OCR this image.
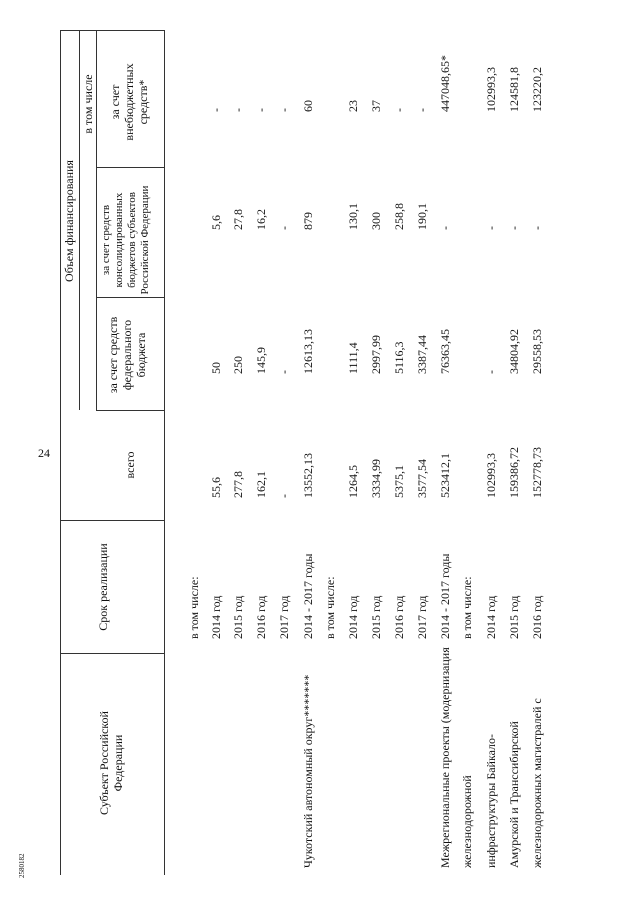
24
2580182
Субъект Российской Федерации
Срок реализации
Объем финансирования
в том числе
всего
за счет средств федерального бюджета
за счет средств консолидированных бюджетов субъектов Российской Федерации
за счет внебюджетных средств*
в том числе: 2014 год
55,6
50
5,6
-
2015 год
277,8
250
27,8
-
2016 год
162,1
145,9
16,2
-
2017 год
-
-
-
-
Чукотский автономный округ*******
2014 - 2017 годы
13552,13
12613,13
879
60
в том числе: 2014 год
1264,5
1111,4
130,1
23
2015 год
3334,99
2997,99
300
37
2016 год
5375,1
5116,3
258,8
-
2017 год
3577,54
3387,44
190,1
-
Межрегиональные проекты (модернизация
2014 - 2017 годы
523412,1
76363,45
-
447048,65*
железнодорожной
в том числе:
инфраструктуры Байкало-
2014 год
102993,3
-
-
102993,3
Амурской и Транссибирской
2015 год
159386,72
34804,92
-
124581,8
железнодорожных магистралей с
2016 год
152778,73
29558,53
-
123220,2
